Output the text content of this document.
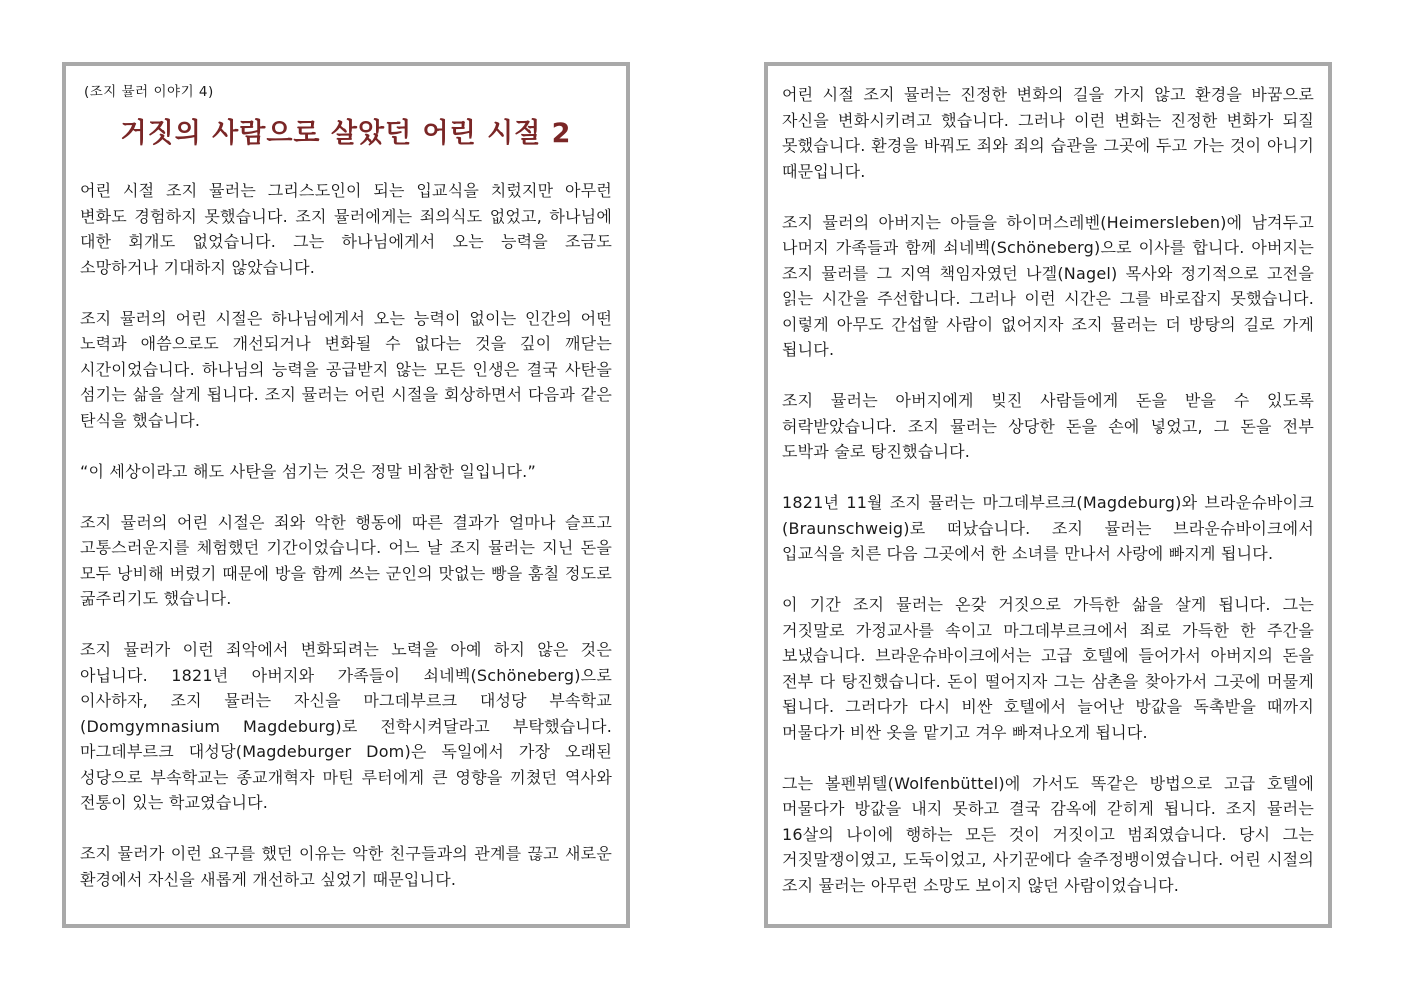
(조지 뮬러 이야기 4)
거짓의 사람으로 살았던 어린 시절 2

어린 시절 조지 뮬러는 그리스도인이 되는 입교식을 치렀지만 아무런 변화도 경험하지 못했습니다. 조지 뮬러에게는 죄의식도 없었고, 하나님에 대한 회개도 없었습니다. 그는 하나님에게서 오는 능력을 조금도 소망하거나 기대하지 않았습니다.

조지 뮬러의 어린 시절은 하나님에게서 오는 능력이 없이는 인간의 어떤 노력과 애씀으로도 개선되거나 변화될 수 없다는 것을 깊이 깨닫는 시간이었습니다. 하나님의 능력을 공급받지 않는 모든 인생은 결국 사탄을 섬기는 삶을 살게 됩니다. 조지 뮬러는 어린 시절을 회상하면서 다음과 같은 탄식을 했습니다.

“이 세상이라고 해도 사탄을 섬기는 것은 정말 비참한 일입니다.”

조지 뮬러의 어린 시절은 죄와 악한 행동에 따른 결과가 얼마나 슬프고 고통스러운지를 체험했던 기간이었습니다. 어느 날 조지 뮬러는 지닌 돈을 모두 낭비해 버렸기 때문에 방을 함께 쓰는 군인의 맛없는 빵을 훔칠 정도로 굶주리기도 했습니다.

조지 뮬러가 이런 죄악에서 변화되려는 노력을 아예 하지 않은 것은 아닙니다. 1821년 아버지와 가족들이 쇠네벡(Schöneberg)으로 이사하자, 조지 뮬러는 자신을 마그데부르크 대성당 부속학교(Domgymnasium Magdeburg)로 전학시켜달라고 부탁했습니다. 마그데부르크 대성당(Magdeburger Dom)은 독일에서 가장 오래된 성당으로 부속학교는 종교개혁자 마틴 루터에게 큰 영향을 끼쳤던 역사와 전통이 있는 학교였습니다.

조지 뮬러가 이런 요구를 했던 이유는 악한 친구들과의 관계를 끊고 새로운 환경에서 자신을 새롭게 개선하고 싶었기 때문입니다.

어린 시절 조지 뮬러는 진정한 변화의 길을 가지 않고 환경을 바꿈으로 자신을 변화시키려고 했습니다. 그러나 이런 변화는 진정한 변화가 되질 못했습니다. 환경을 바꿔도 죄와 죄의 습관을 그곳에 두고 가는 것이 아니기 때문입니다.

조지 뮬러의 아버지는 아들을 하이머스레벤(Heimersleben)에 남겨두고 나머지 가족들과 함께 쇠네벡(Schöneberg)으로 이사를 합니다. 아버지는 조지 뮬러를 그 지역 책임자였던 나겔(Nagel) 목사와 정기적으로 고전을 읽는 시간을 주선합니다. 그러나 이런 시간은 그를 바로잡지 못했습니다. 이렇게 아무도 간섭할 사람이 없어지자 조지 뮬러는 더 방탕의 길로 가게 됩니다.

조지 뮬러는 아버지에게 빚진 사람들에게 돈을 받을 수 있도록 허락받았습니다. 조지 뮬러는 상당한 돈을 손에 넣었고, 그 돈을 전부 도박과 술로 탕진했습니다.

1821년 11월 조지 뮬러는 마그데부르크(Magdeburg)와 브라운슈바이크(Braunschweig)로 떠났습니다. 조지 뮬러는 브라운슈바이크에서 입교식을 치른 다음 그곳에서 한 소녀를 만나서 사랑에 빠지게 됩니다.

이 기간 조지 뮬러는 온갖 거짓으로 가득한 삶을 살게 됩니다. 그는 거짓말로 가정교사를 속이고 마그데부르크에서 죄로 가득한 한 주간을 보냈습니다. 브라운슈바이크에서는 고급 호텔에 들어가서 아버지의 돈을 전부 다 탕진했습니다. 돈이 떨어지자 그는 삼촌을 찾아가서 그곳에 머물게 됩니다. 그러다가 다시 비싼 호텔에서 늘어난 방값을 독촉받을 때까지 머물다가 비싼 옷을 맡기고 겨우 빠져나오게 됩니다.

그는 볼펜뷔텔(Wolfenbüttel)에 가서도 똑같은 방법으로 고급 호텔에 머물다가 방값을 내지 못하고 결국 감옥에 갇히게 됩니다. 조지 뮬러는 16살의 나이에 행하는 모든 것이 거짓이고 범죄였습니다. 당시 그는 거짓말쟁이였고, 도둑이었고, 사기꾼에다 술주정뱅이였습니다. 어린 시절의 조지 뮬러는 아무런 소망도 보이지 않던 사람이었습니다.
